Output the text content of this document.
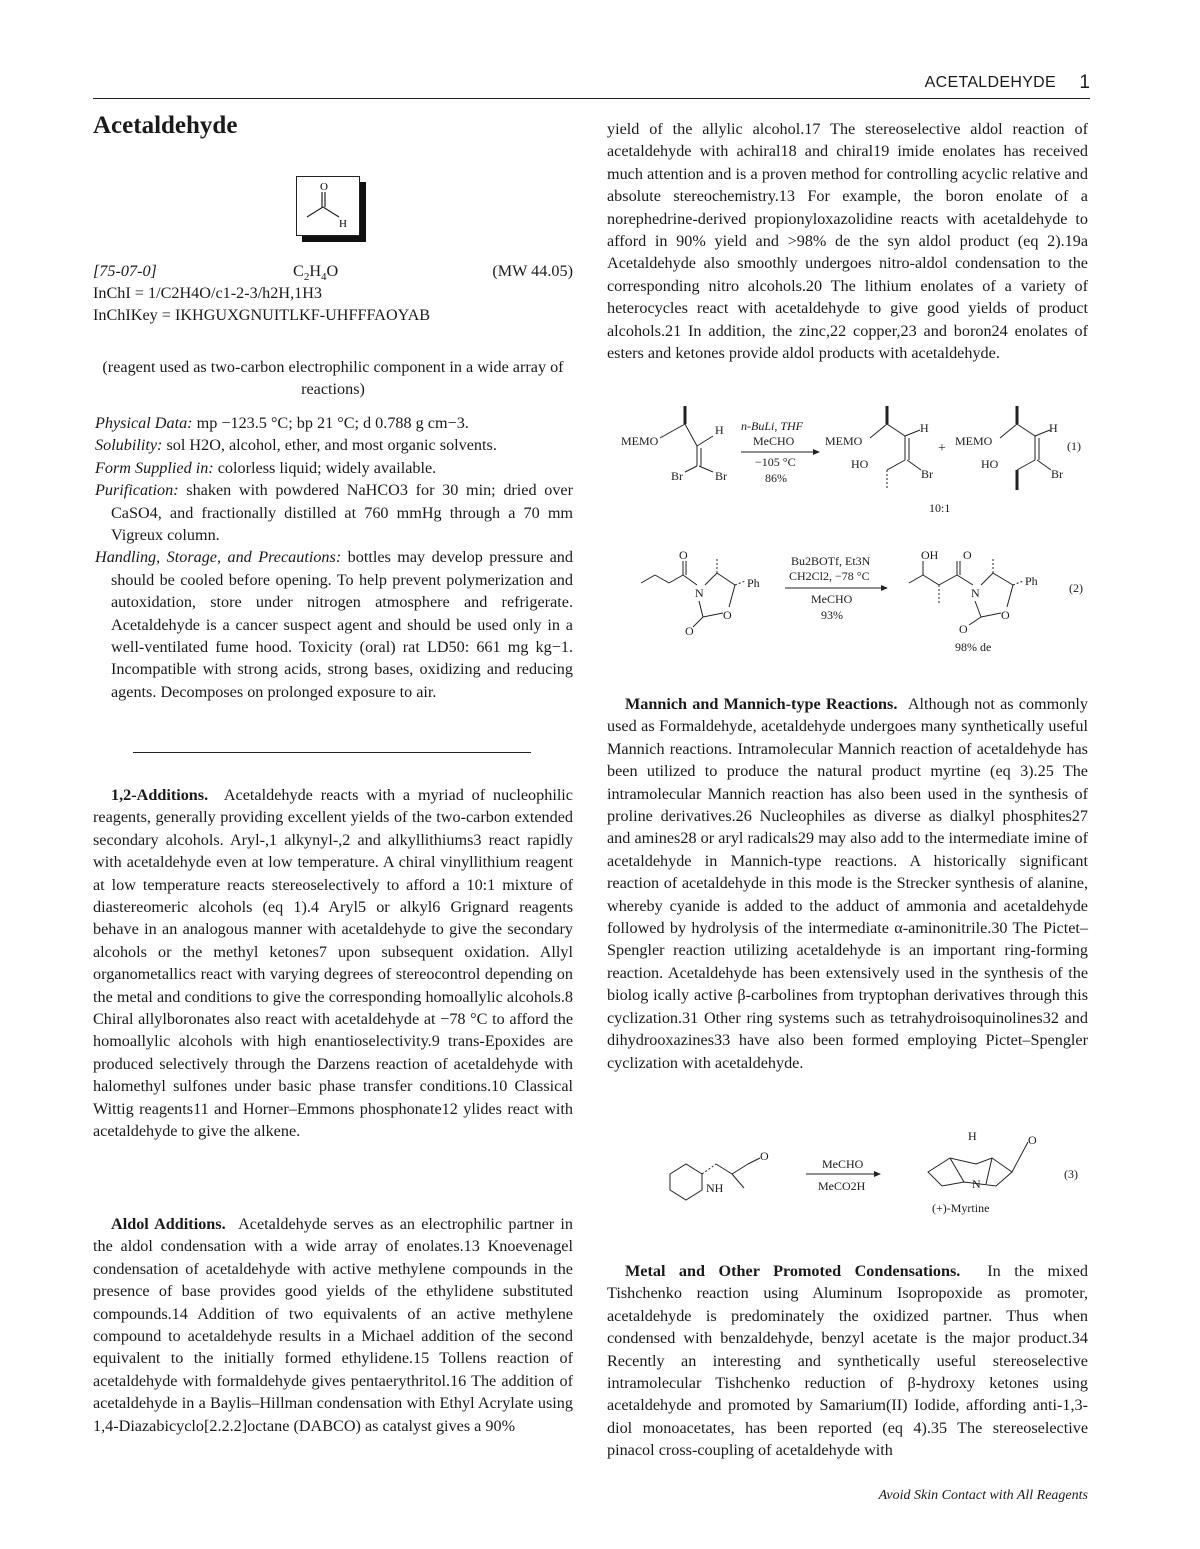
ACETALDEHYDE 1
Acetaldehyde
O
H
[75-07-0]	$C_2H_4O$	(MW 44.05)
InChI = 1/C2H4O/c1-2-3/h2H,1H3
InChIKey = IKHGUXGNUITLKF-UHFFFAOYAB
(reagent used as two-carbon electrophilic component in a wide array of reactions)

Physical Data: mp −123.5 °C; bp 21 °C; d 0.788 g cm−3.

Solubility: sol H2O, alcohol, ether, and most organic solvents.

Form Supplied in: colorless liquid; widely available.

Purification: shaken with powdered NaHCO3 for 30 min; dried over CaSO4, and fractionally distilled at 760 mmHg through a 70 mm Vigreux column.

Handling, Storage, and Precautions: bottles may develop pressure and should be cooled before opening. To help prevent polymerization and autoxidation, store under nitrogen atmosphere and refrigerate. Acetaldehyde is a cancer suspect agent and should be used only in a well-ventilated fume hood. Toxicity (oral) rat LD50: 661 mg kg−1. Incompatible with strong acids, strong bases, oxidizing and reducing agents. Decomposes on prolonged exposure to air.

1,2-Additions. Acetaldehyde reacts with a myriad of nucleophilic reagents, generally providing excellent yields of the two-carbon extended secondary alcohols. Aryl-,1 alkynyl-,2 and alkyllithiums3 react rapidly with acetaldehyde even at low temperature. A chiral vinyllithium reagent at low temperature reacts stereoselectively to afford a 10:1 mixture of diastereomeric alcohols (eq 1).4 Aryl5 or alkyl6 Grignard reagents behave in an analogous manner with acetaldehyde to give the secondary alcohols or the methyl ketones7 upon subsequent oxidation. Allyl organometallics react with varying degrees of stereocontrol depending on the metal and conditions to give the corresponding homoallylic alcohols.8 Chiral allylboronates also react with acetaldehyde at −78 °C to afford the homoallylic alcohols with high enantioselectivity.9 trans-Epoxides are produced selectively through the Darzens reaction of acetaldehyde with halomethyl sulfones under basic phase transfer conditions.10 Classical Wittig reagents11 and Horner–Emmons phosphonate12 ylides react with acetaldehyde to give the alkene.

Aldol Additions. Acetaldehyde serves as an electrophilic partner in the aldol condensation with a wide array of enolates.13 Knoevenagel condensation of acetaldehyde with active methylene compounds in the presence of base provides good yields of the ethylidene substituted compounds.14 Addition of two equivalents of an active methylene compound to acetaldehyde results in a Michael addition of the second equivalent to the initially formed ethylidene.15 Tollens reaction of acetaldehyde with formaldehyde gives pentaerythritol.16 The addition of acetaldehyde in a Baylis–Hillman condensation with Ethyl Acrylate using 1,4-Diazabicyclo[2.2.2]octane (DABCO) as catalyst gives a 90%

yield of the allylic alcohol.17 The stereoselective aldol reaction of acetaldehyde with achiral18 and chiral19 imide enolates has received much attention and is a proven method for controlling acyclic relative and absolute stereochemistry.13 For example, the boron enolate of a norephedrine-derived propionyloxazolidine reacts with acetaldehyde to afford in 90% yield and >98% de the syn aldol product (eq 2).19a Acetaldehyde also smoothly undergoes nitro-aldol condensation to the corresponding nitro alcohols.20 The lithium enolates of a variety of heterocycles react with acetaldehyde to give good yields of product alcohols.21 In addition, the zinc,22 copper,23 and boron24 enolates of esters and ketones provide aldol products with acetaldehyde.

MEMO
H
Br	Br
n-BuLi, THF
MeCHO
−105 °C
86%
MEMO
H
HO
Br
+ MEMO
H
HO
Br
(1)
10:1
O
N
Ph
O
O
Bu2BOTf, Et3N
CH2Cl2, −78 °C
MeCHO
93%
OH O
N
Ph
O
O
98% de
(2)

Mannich and Mannich-type Reactions. Although not as commonly used as Formaldehyde, acetaldehyde undergoes many synthetically useful Mannich reactions. Intramolecular Mannich reaction of acetaldehyde has been utilized to produce the natural product myrtine (eq 3).25 The intramolecular Mannich reaction has also been used in the synthesis of proline derivatives.26 Nucleophiles as diverse as dialkyl phosphites27 and amines28 or aryl radicals29 may also add to the intermediate imine of acetaldehyde in Mannich-type reactions. A historically significant reaction of acetaldehyde in this mode is the Strecker synthesis of alanine, whereby cyanide is added to the adduct of ammonia and acetaldehyde followed by hydrolysis of the intermediate α-aminonitrile.30 The Pictet–Spengler reaction utilizing acetaldehyde is an important ring-forming reaction. Acetaldehyde has been extensively used in the synthesis of the biolog ically active β-carbolines from tryptophan derivatives through this cyclization.31 Other ring systems such as tetrahydroisoquinolines32 and dihydrooxazines33 have also been formed employing Pictet–Spengler cyclization with acetaldehyde.

NH
O
MeCHO
MeCO2H
H	O
N
(+)-Myrtine
(3)

Metal and Other Promoted Condensations. In the mixed Tishchenko reaction using Aluminum Isopropoxide as promoter, acetaldehyde is predominately the oxidized partner. Thus when condensed with benzaldehyde, benzyl acetate is the major product.34 Recently an interesting and synthetically useful stereoselective intramolecular Tishchenko reduction of β-hydroxy ketones using acetaldehyde and promoted by Samarium(II) Iodide, affording anti-1,3-diol monoacetates, has been reported (eq 4).35 The stereoselective pinacol cross-coupling of acetaldehyde with

Avoid Skin Contact with All Reagents
